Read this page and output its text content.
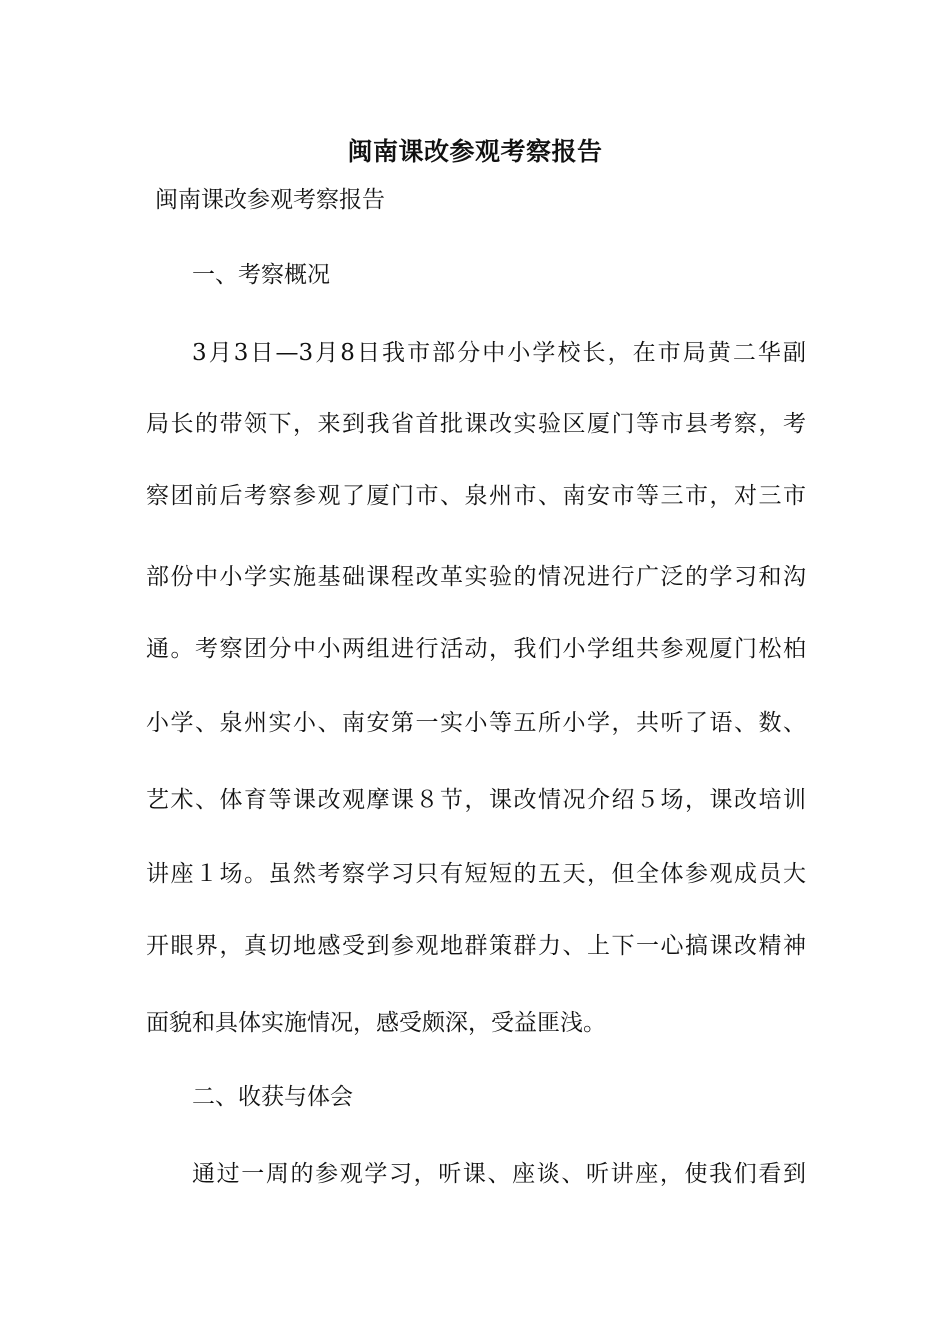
闽南课改参观考察报告

闽南课改参观考察报告

一、考察概况

3月3日—3月8日我市部分中小学校长，在市局黄二华副

局长的带领下，来到我省首批课改实验区厦门等市县考察，考

察团前后考察参观了厦门市、泉州市、南安市等三市，对三市

部份中小学实施基础课程改革实验的情况进行广泛的学习和沟

通。考察团分中小两组进行活动，我们小学组共参观厦门松柏

小学、泉州实小、南安第一实小等五所小学，共听了语、数、

艺术、体育等课改观摩课８节，课改情况介绍５场，课改培训

讲座１场。虽然考察学习只有短短的五天，但全体参观成员大

开眼界，真切地感受到参观地群策群力、上下一心搞课改精神

面貌和具体实施情况，感受颇深，受益匪浅。

二、收获与体会

通过一周的参观学习，听课、座谈、听讲座，使我们看到
